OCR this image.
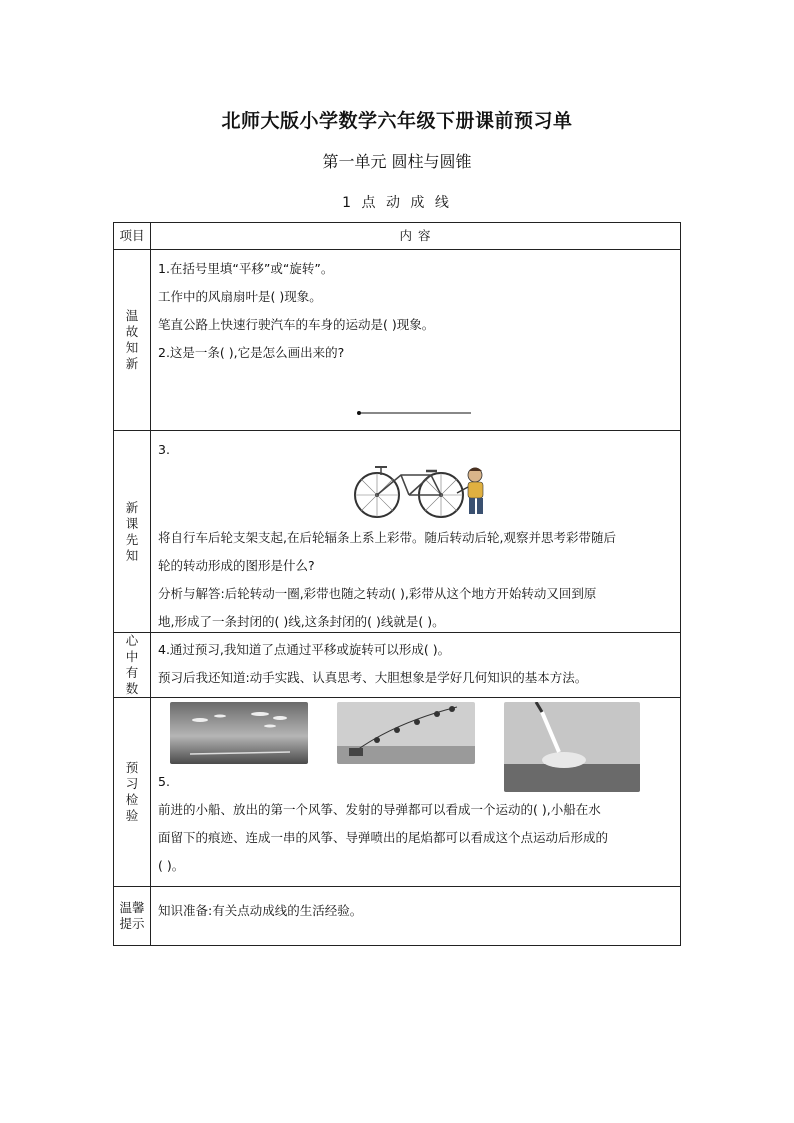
北师大版小学数学六年级下册课前预习单
第一单元 圆柱与圆锥
1 点 动 成 线
项目	内 容

温故知新	1.在括号里填“平移”或“旋转”。
工作中的风扇扇叶是( )现象。
笔直公路上快速行驶汽车的车身的运动是( )现象。
2.这是一条( ),它是怎么画出来的?

新课先知	3.
将自行车后轮支架支起,在后轮辐条上系上彩带。随后转动后轮,观察并思考彩带随后
轮的转动形成的图形是什么?
分析与解答:后轮转动一圈,彩带也随之转动( ),彩带从这个地方开始转动又回到原
地,形成了一条封闭的( )线,这条封闭的( )线就是( )。

心中有数	4.通过预习,我知道了点通过平移或旋转可以形成( )。
预习后我还知道:动手实践、认真思考、大胆想象是学好几何知识的基本方法。

预习检验	5.
前进的小船、放出的第一个风筝、发射的导弹都可以看成一个运动的( ),小船在水
面留下的痕迹、连成一串的风筝、导弹喷出的尾焰都可以看成这个点运动后形成的
( )。

温馨提示	知识准备:有关点动成线的生活经验。
